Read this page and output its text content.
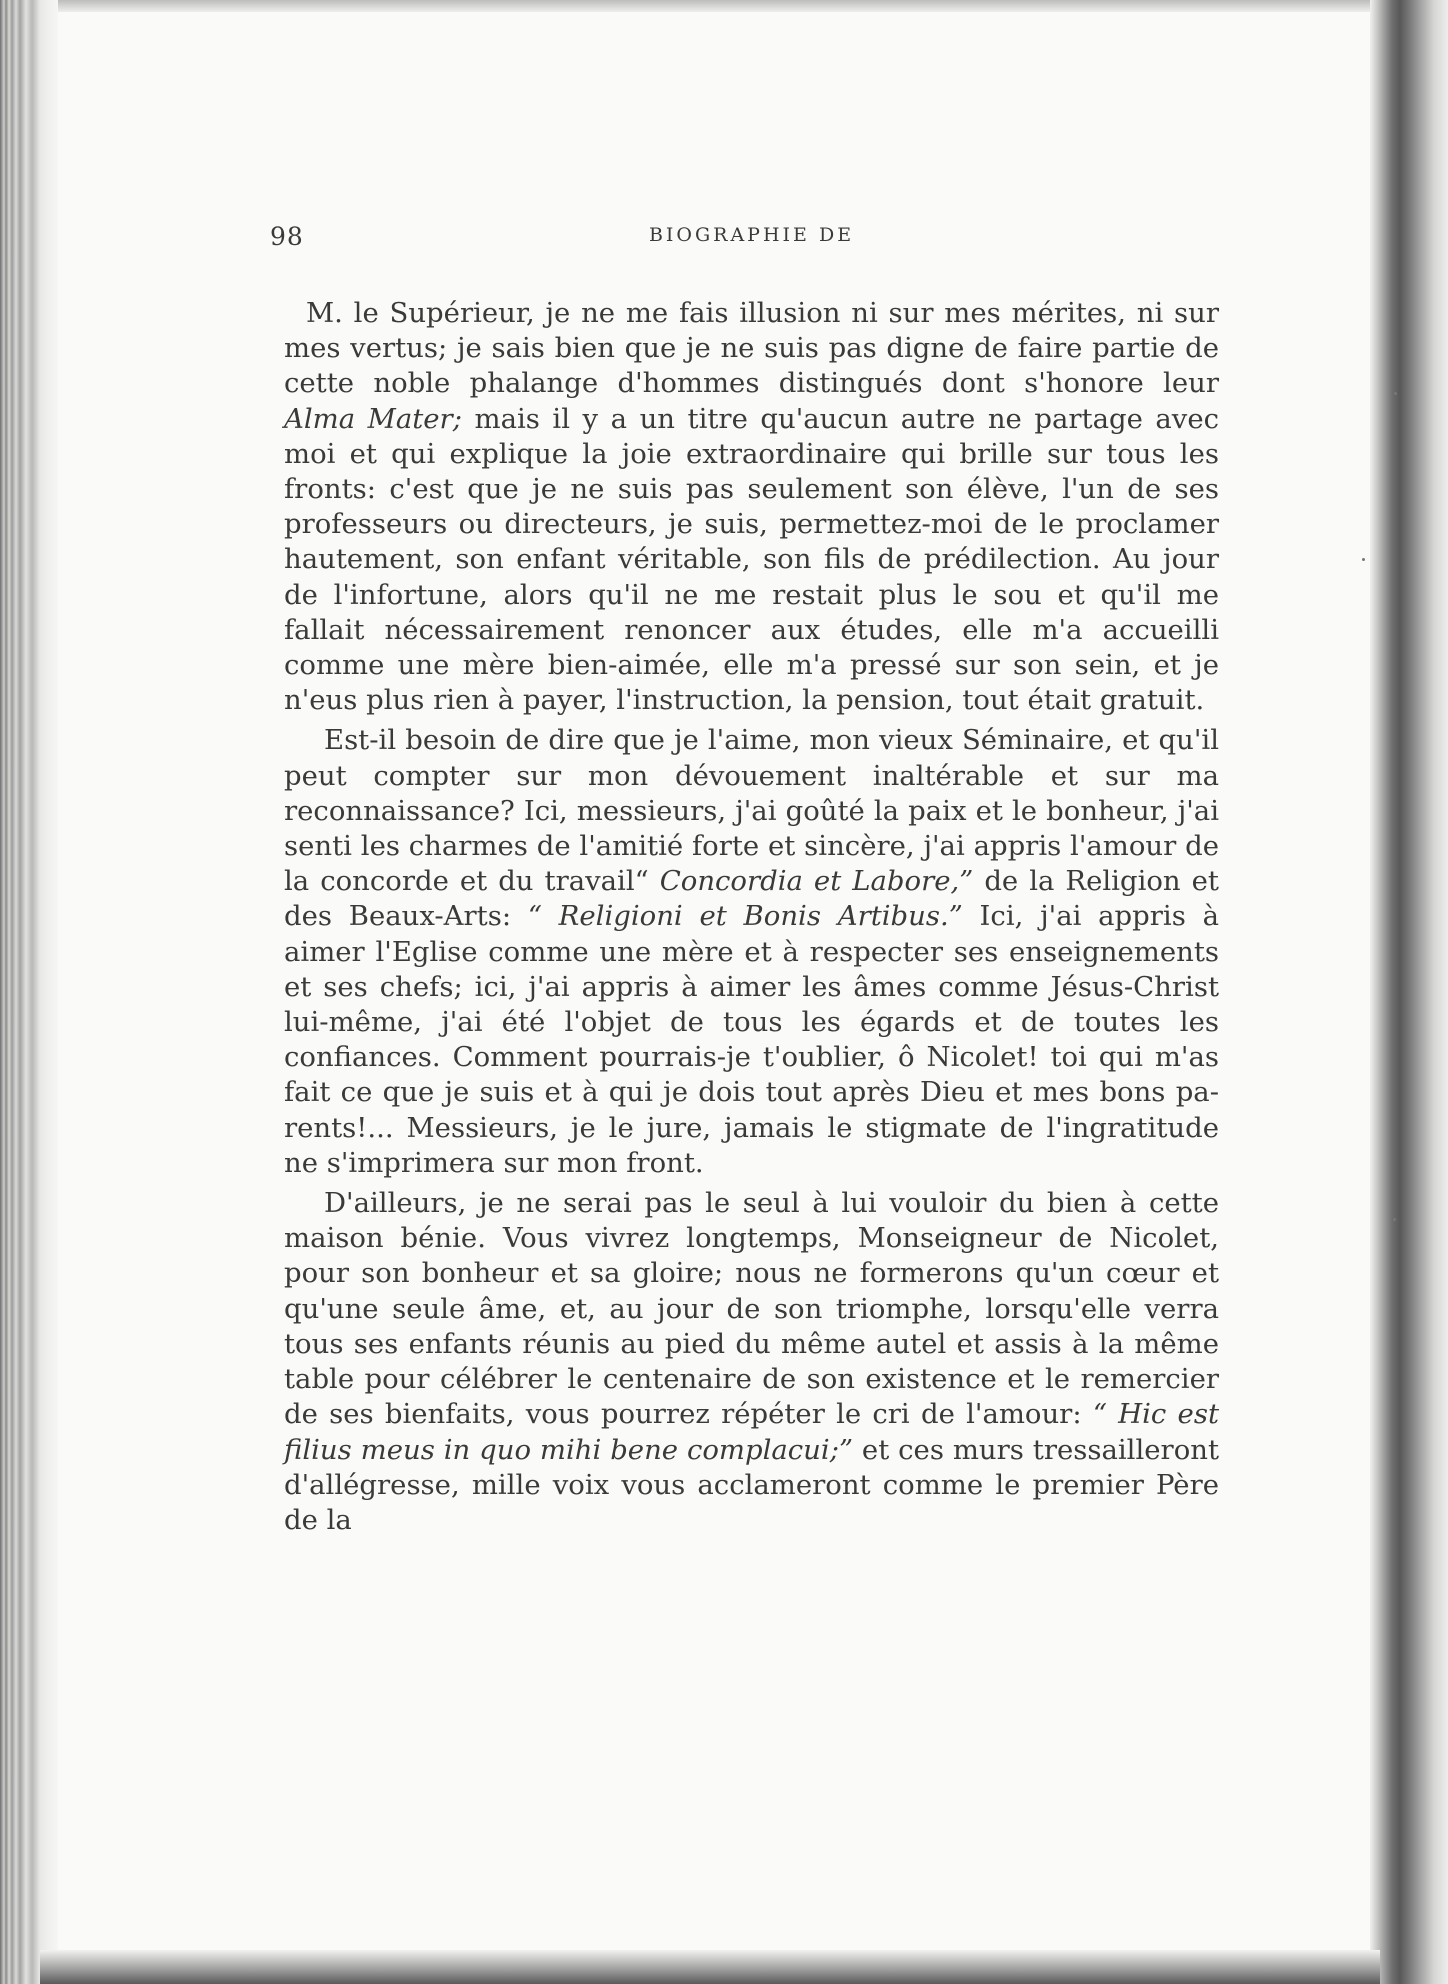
98	BIOGRAPHIE DE

M. le Supérieur, je ne me fais illusion ni sur mes mérites, ni sur mes vertus; je sais bien que je ne suis pas digne de faire partie de cette noble phalange d'hommes distingués dont s'honore leur Alma Mater; mais il y a un titre qu'aucun autre ne partage avec moi et qui explique la joie extraordinaire qui brille sur tous les fronts: c'est que je ne suis pas seulement son élève, l'un de ses professeurs ou directeurs, je suis, permettez-moi de le proclamer hautement, son enfant véritable, son fils de prédilection. Au jour de l'infortune, alors qu'il ne me restait plus le sou et qu'il me fallait nécessairement renoncer aux études, elle m'a accueilli comme une mère bien-aimée, elle m'a pressé sur son sein, et je n'eus plus rien à payer, l'instruction, la pension, tout était gratuit.

Est-il besoin de dire que je l'aime, mon vieux Séminaire, et qu'il peut compter sur mon dévouement inaltérable et sur ma reconnaissance? Ici, messieurs, j'ai goûté la paix et le bonheur, j'ai senti les charmes de l'amitié forte et sincère, j'ai appris l'amour de la concorde et du travail“ Concordia et Labore,” de la Religion et des Beaux-Arts: “ Religioni et Bonis Artibus.” Ici, j'ai appris à aimer l'Eglise comme une mère et à respecter ses enseignements et ses chefs; ici, j'ai appris à aimer les âmes comme Jésus-Christ lui-même, j'ai été l'objet de tous les égards et de toutes les confiances. Comment pourrais-je t'oublier, ô Nicolet! toi qui m'as fait ce que je suis et à qui je dois tout après Dieu et mes bons parents!... Messieurs, je le jure, jamais le stigmate de l'ingratitude ne s'imprimera sur mon front.

D'ailleurs, je ne serai pas le seul à lui vouloir du bien à cette maison bénie. Vous vivrez longtemps, Monseigneur de Nicolet, pour son bonheur et sa gloire; nous ne formerons qu'un cœur et qu'une seule âme, et, au jour de son triomphe, lorsqu'elle verra tous ses enfants réunis au pied du même autel et assis à la même table pour célébrer le centenaire de son existence et le remercier de ses bienfaits, vous pourrez répéter le cri de l'amour: “ Hic est filius meus in quo mihi bene complacui;” et ces murs tressailleront d'allégresse, mille voix vous acclameront comme le premier Père de la
